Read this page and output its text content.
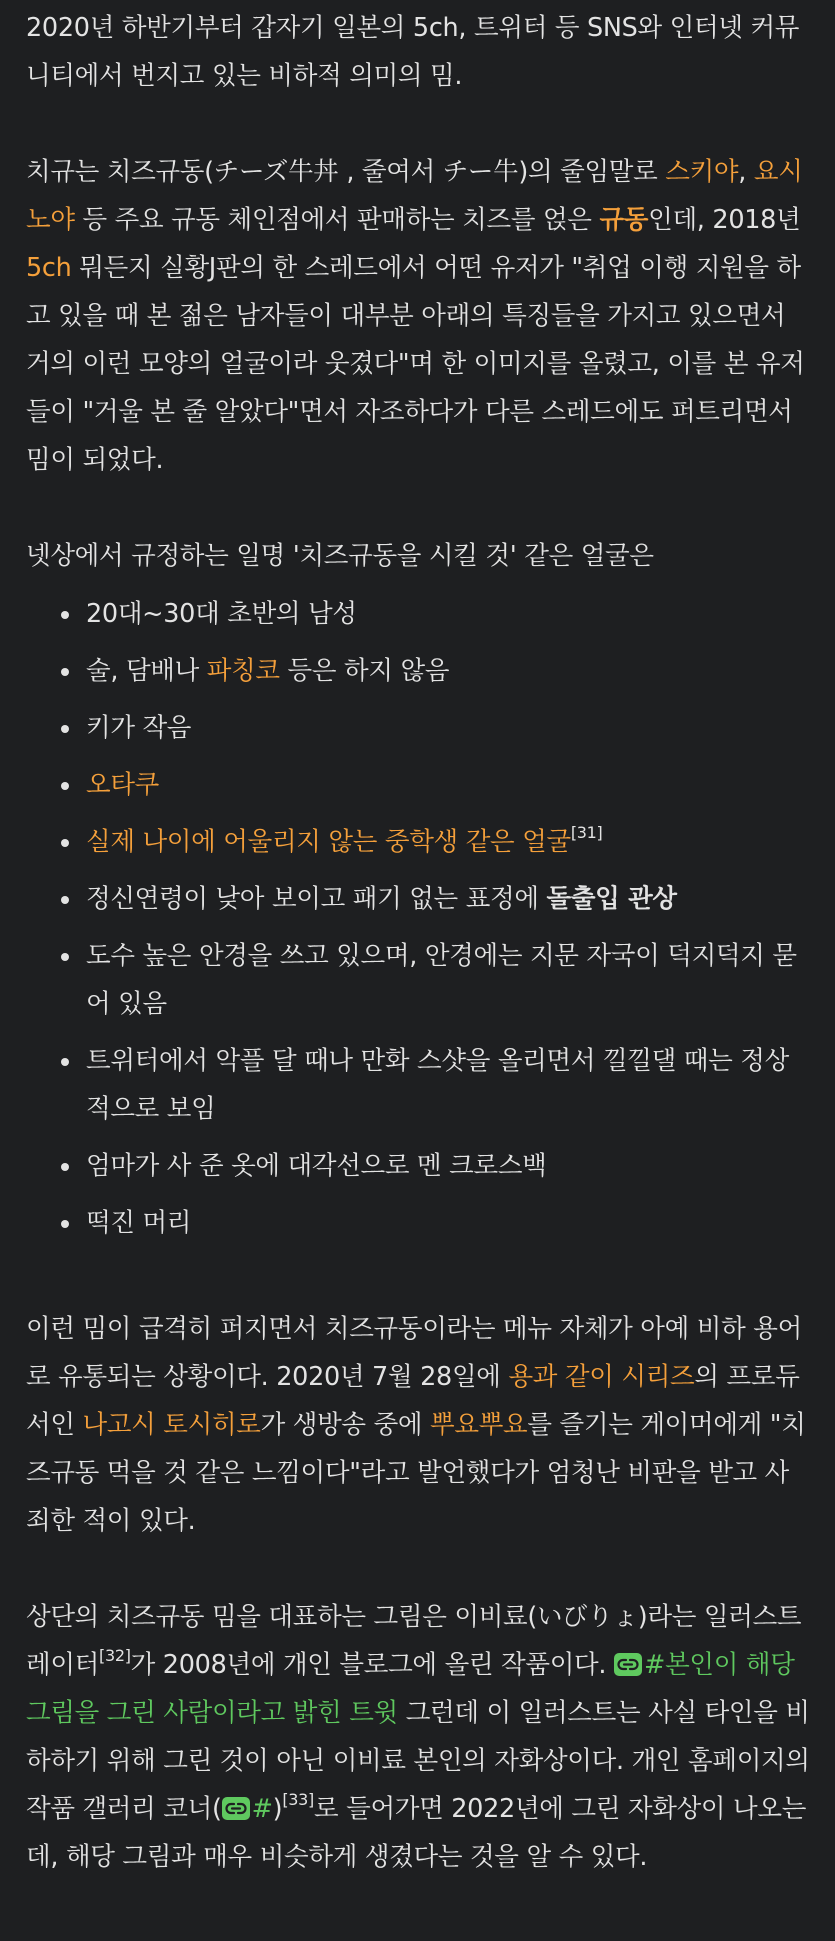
2020년 하반기부터 갑자기 일본의 5ch, 트위터 등 SNS와 인터넷 커뮤니티에서 번지고 있는 비하적 의미의 밈.

치규는 치즈규동(チーズ牛丼 , 줄여서 チー牛)의 줄임말로 스키야, 요시노야 등 주요 규동 체인점에서 판매하는 치즈를 얹은 규동인데, 2018년 5ch 뭐든지 실황J판의 한 스레드에서 어떤 유저가 "취업 이행 지원을 하고 있을 때 본 젊은 남자들이 대부분 아래의 특징들을 가지고 있으면서 거의 이런 모양의 얼굴이라 웃겼다"며 한 이미지를 올렸고, 이를 본 유저들이 "거울 본 줄 알았다"면서 자조하다가 다른 스레드에도 퍼트리면서 밈이 되었다.

넷상에서 규정하는 일명 '치즈규동을 시킬 것' 같은 얼굴은

20대~30대 초반의 남성
술, 담배나 파칭코 등은 하지 않음
키가 작음
오타쿠
실제 나이에 어울리지 않는 중학생 같은 얼굴[31]
정신연령이 낮아 보이고 패기 없는 표정에 돌출입 관상
도수 높은 안경을 쓰고 있으며, 안경에는 지문 자국이 덕지덕지 묻어 있음
트위터에서 악플 달 때나 만화 스샷을 올리면서 낄낄댈 때는 정상적으로 보임
엄마가 사 준 옷에 대각선으로 멘 크로스백
떡진 머리

이런 밈이 급격히 퍼지면서 치즈규동이라는 메뉴 자체가 아예 비하 용어로 유통되는 상황이다. 2020년 7월 28일에 용과 같이 시리즈의 프로듀서인 나고시 토시히로가 생방송 중에 뿌요뿌요를 즐기는 게이머에게 "치즈규동 먹을 것 같은 느낌이다"라고 발언했다가 엄청난 비판을 받고 사죄한 적이 있다.

상단의 치즈규동 밈을 대표하는 그림은 이비료(いびりょ)라는 일러스트레이터[32]가 2008년에 개인 블로그에 올린 작품이다.
#본인이 해당 그림을 그린 사람이라고 밝힌 트윗 그런데 이 일러스트는 사실 타인을 비하하기 위해 그린 것이 아닌 이비료 본인의 자화상이다. 개인 홈페이지의 작품 갤러리 코너( #)[33]로 들어가면 2022년에 그린 자화상이 나오는데, 해당 그림과 매우 비슷하게 생겼다는 것을 알 수 있다.
